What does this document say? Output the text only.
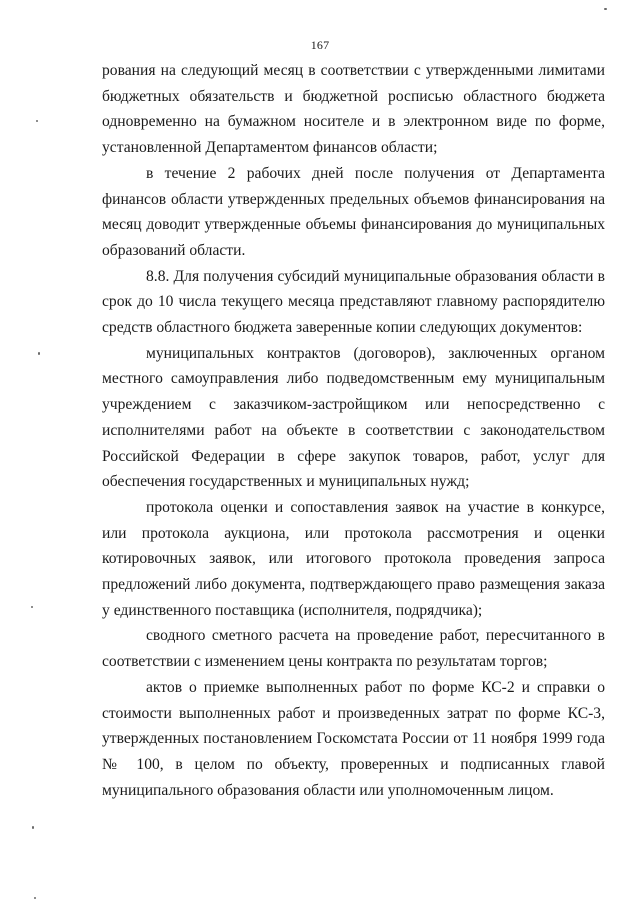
167

рования на следующий месяц в соответствии с утвержденными лимитами бюджетных обязательств и бюджетной росписью областного бюджета одновременно на бумажном носителе и в электронном виде по форме, установленной Департаментом финансов области;

в течение 2 рабочих дней после получения от Департамента финансов области утвержденных предельных объемов финансирования на месяц доводит утвержденные объемы финансирования до муниципальных образований области.

8.8. Для получения субсидий муниципальные образования области в срок до 10 числа текущего месяца представляют главному распорядителю средств областного бюджета заверенные копии следующих документов:

муниципальных контрактов (договоров), заключенных органом местного самоуправления либо подведомственным ему муниципальным учреждением с заказчиком-застройщиком или непосредственно с исполнителями работ на объекте в соответствии с законодательством Российской Федерации в сфере закупок товаров, работ, услуг для обеспечения государственных и муниципальных нужд;

протокола оценки и сопоставления заявок на участие в конкурсе, или протокола аукциона, или протокола рассмотрения и оценки котировочных заявок, или итогового протокола проведения запроса предложений либо документа, подтверждающего право размещения заказа у единственного поставщика (исполнителя, подрядчика);

сводного сметного расчета на проведение работ, пересчитанного в соответствии с изменением цены контракта по результатам торгов;

актов о приемке выполненных работ по форме КС-2 и справки о стоимости выполненных работ и произведенных затрат по форме КС-3, утвержденных постановлением Госкомстата России от 11 ноября 1999 года № 100, в целом по объекту, проверенных и подписанных главой муниципального образования области или уполномоченным лицом.
